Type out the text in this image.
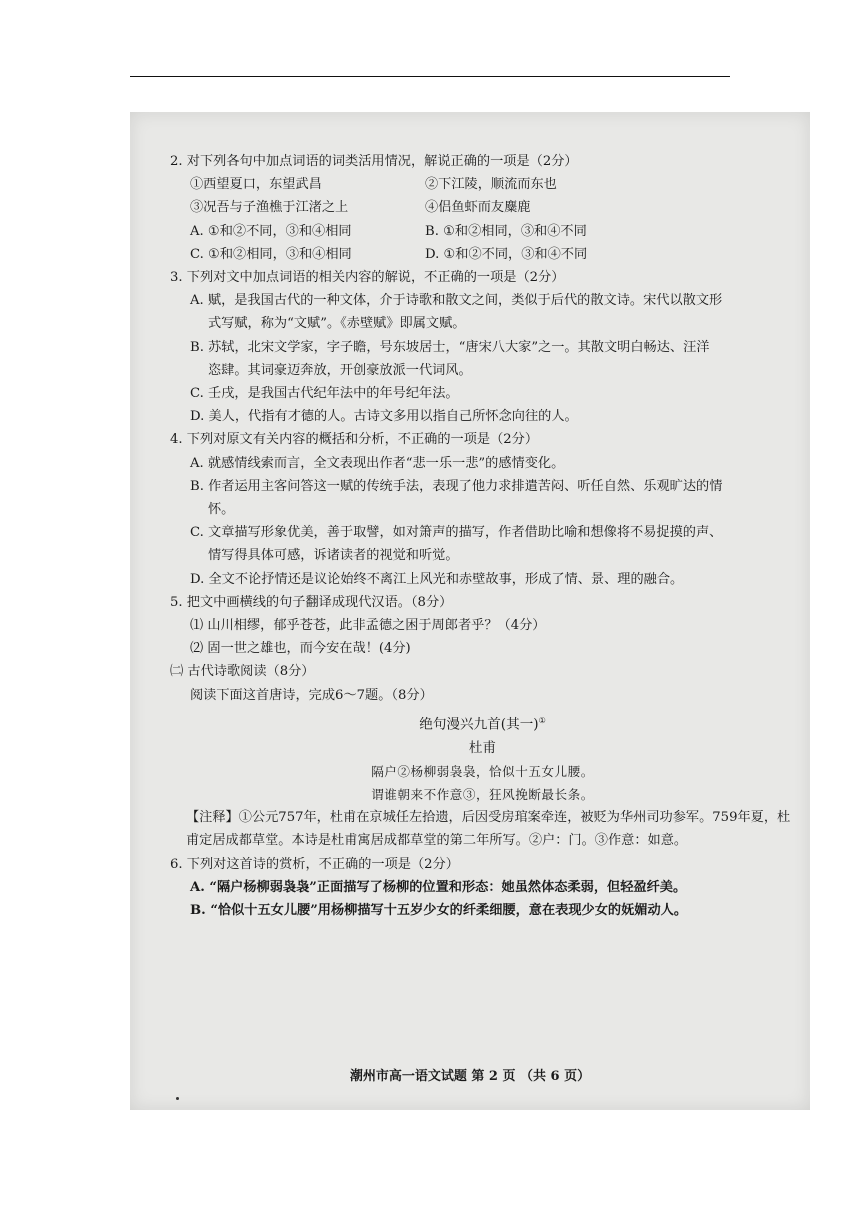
2. 对下列各句中加点词语的词类活用情况，解说正确的一项是（2分）
①西望夏口，东望武昌	②下江陵，顺流而东也
③况吾与子渔樵于江渚之上	④侣鱼虾而友麋鹿
A. ①和②不同，③和④相同	B. ①和②相同，③和④不同
C. ①和②相同，③和④相同	D. ①和②不同，③和④不同
3. 下列对文中加点词语的相关内容的解说，不正确的一项是（2分）
A. 赋，是我国古代的一种文体，介于诗歌和散文之间，类似于后代的散文诗。宋代以散文形
式写赋，称为“文赋”。《赤壁赋》即属文赋。
B. 苏轼，北宋文学家，字子瞻，号东坡居士，“唐宋八大家”之一。其散文明白畅达、汪洋
恣肆。其词豪迈奔放，开创豪放派一代词风。
C. 壬戌，是我国古代纪年法中的年号纪年法。
D. 美人，代指有才德的人。古诗文多用以指自己所怀念向往的人。
4. 下列对原文有关内容的概括和分析，不正确的一项是（2分）
A. 就感情线索而言，全文表现出作者“悲一乐一悲”的感情变化。
B. 作者运用主客问答这一赋的传统手法，表现了他力求排遣苦闷、听任自然、乐观旷达的情
怀。
C. 文章描写形象优美，善于取譬，如对箫声的描写，作者借助比喻和想像将不易捉摸的声、
情写得具体可感，诉诸读者的视觉和听觉。
D. 全文不论抒情还是议论始终不离江上风光和赤壁故事，形成了情、景、理的融合。
5. 把文中画横线的句子翻译成现代汉语。（8分）
⑴ 山川相缪，郁乎苍苍，此非孟德之困于周郎者乎？（4分）
⑵ 固一世之雄也，而今安在哉！(4分)
㈡ 古代诗歌阅读（8分）
阅读下面这首唐诗，完成6～7题。（8分）
绝句漫兴九首(其一)①
杜甫
隔户②杨柳弱袅袅，恰似十五女儿腰。
谓谁朝来不作意③，狂风挽断最长条。
【注释】①公元757年，杜甫在京城任左拾遗，后因受房琯案牵连，被贬为华州司功参军。759年夏，杜甫定居成都草堂。本诗是杜甫寓居成都草堂的第二年所写。②户：门。③作意：如意。
6. 下列对这首诗的赏析，不正确的一项是（2分）
A. “隔户杨柳弱袅袅”正面描写了杨柳的位置和形态：她虽然体态柔弱，但轻盈纤美。
B. “恰似十五女儿腰”用杨柳描写十五岁少女的纤柔细腰，意在表现少女的妩媚动人。
潮州市高一语文试题 第 2 页 （共 6 页）
